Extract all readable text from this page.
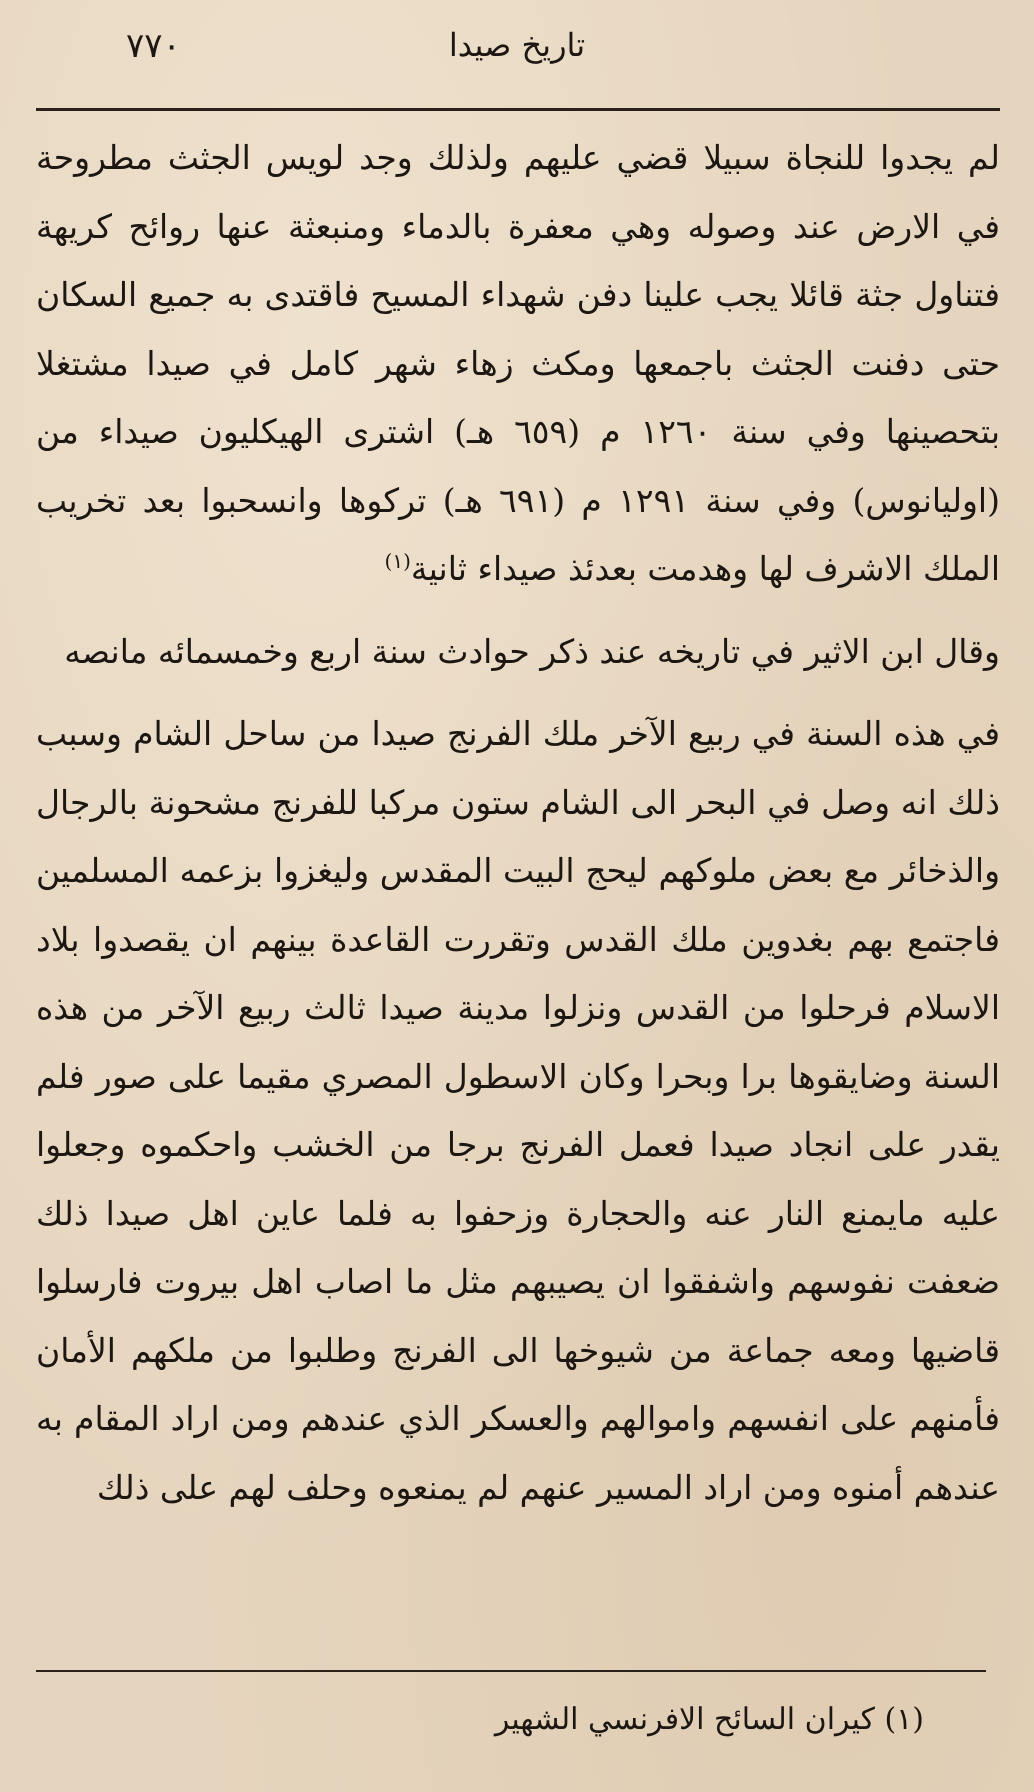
٧٧٠	تاريخ صيدا

لم يجدوا للنجاة سبيلا قضي عليهم ولذلك وجد لويس الجثث مطروحة في الارض عند وصوله وهي معفرة بالدماء ومنبعثة عنها روائح كريهة فتناول جثة قائلا يجب علينا دفن شهداء المسيح فاقتدى به جميع السكان حتى دفنت الجثث باجمعها ومكث زهاء شهر كامل في صيدا مشتغلا بتحصينها وفي سنة ١٢٦٠ م (٦٥٩ هـ) اشترى الهيكليون صيداء من (اوليانوس) وفي سنة ١٢٩١ م (٦٩١ هـ) تركوها وانسحبوا بعد تخريب الملك الاشرف لها وهدمت بعدئذ صيداء ثانية$^{(١)}$

وقال ابن الاثير في تاريخه عند ذكر حوادث سنة اربع وخمسمائه مانصه

في هذه السنة في ربيع الآخر ملك الفرنج صيدا من ساحل الشام وسبب ذلك انه وصل في البحر الى الشام ستون مركبا للفرنج مشحونة بالرجال والذخائر مع بعض ملوكهم ليحج البيت المقدس وليغزوا بزعمه المسلمين فاجتمع بهم بغدوين ملك القدس وتقررت القاعدة بينهم ان يقصدوا بلاد الاسلام فرحلوا من القدس ونزلوا مدينة صيدا ثالث ربيع الآخر من هذه السنة وضايقوها برا وبحرا وكان الاسطول المصري مقيما على صور فلم يقدر على انجاد صيدا فعمل الفرنج برجا من الخشب واحكموه وجعلوا عليه مايمنع النار عنه والحجارة وزحفوا به فلما عاين اهل صيدا ذلك ضعفت نفوسهم واشفقوا ان يصيبهم مثل ما اصاب اهل بيروت فارسلوا قاضيها ومعه جماعة من شيوخها الى الفرنج وطلبوا من ملكهم الأمان فأمنهم على انفسهم واموالهم والعسكر الذي عندهم ومن اراد المقام به عندهم أمنوه ومن اراد المسير عنهم لم يمنعوه وحلف لهم على ذلك

(١) كيران السائح الافرنسي الشهير
